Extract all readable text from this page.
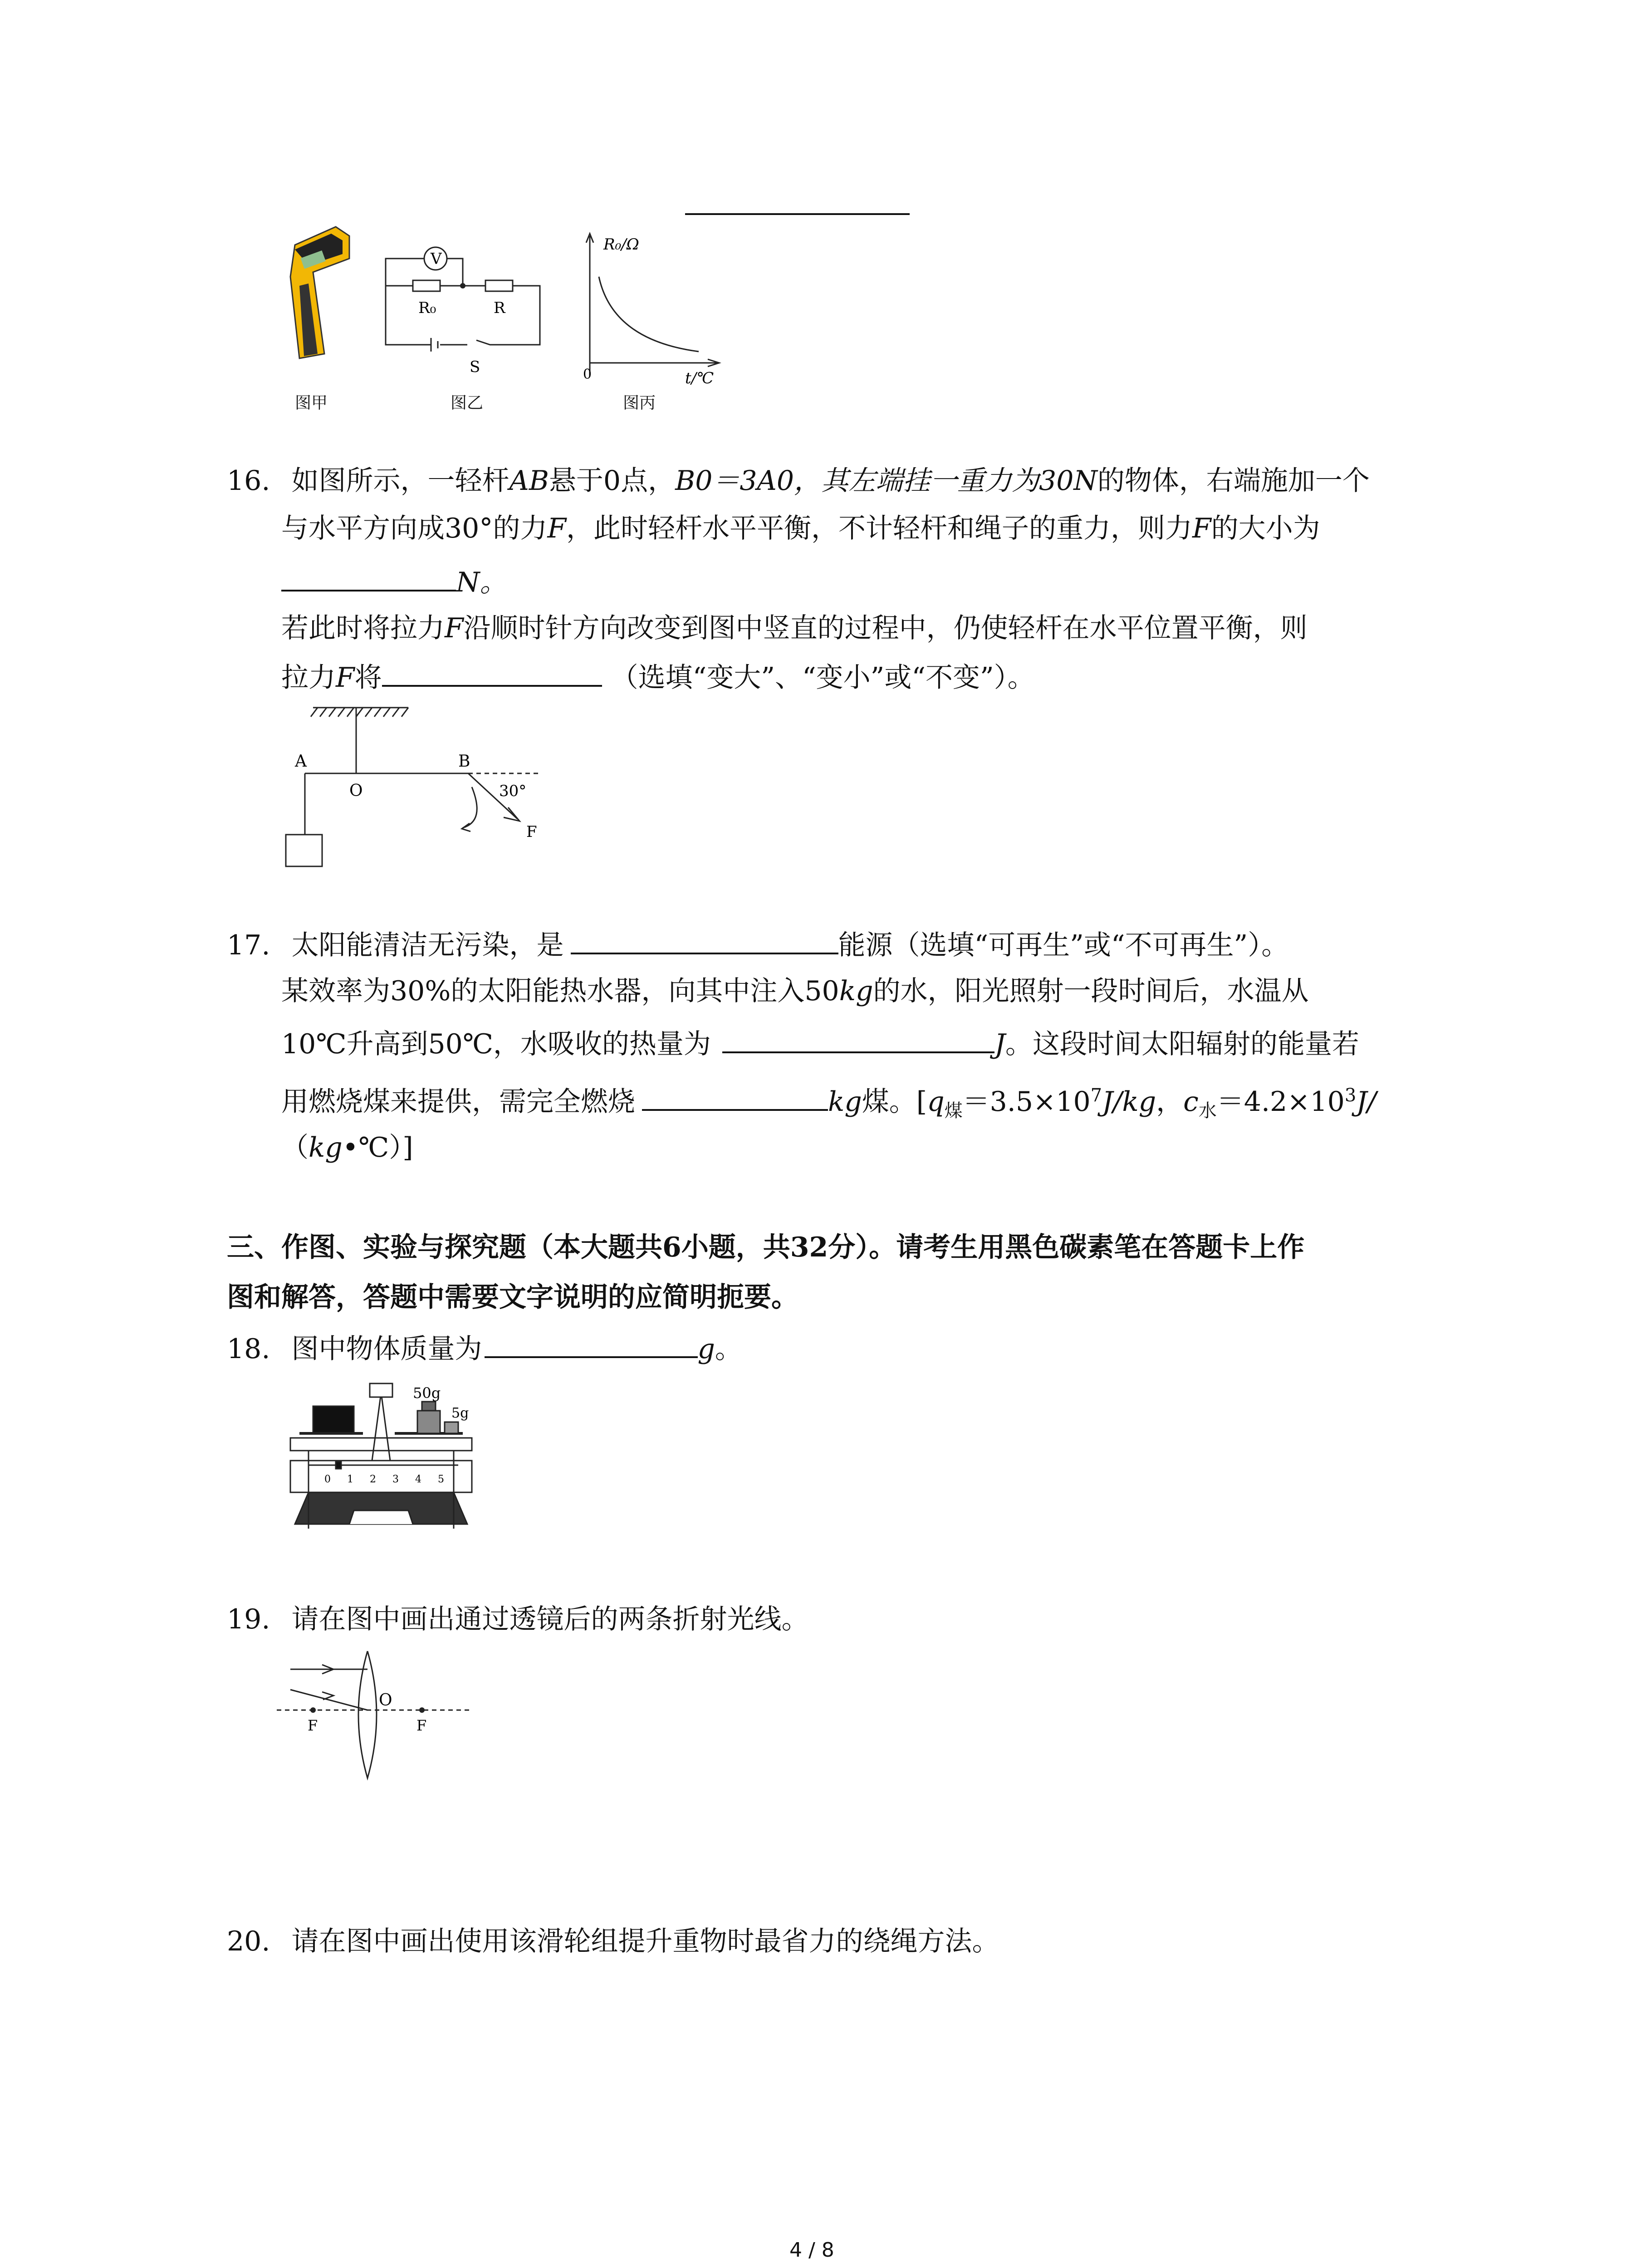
图甲
V
R₀	R
S
图乙
R₀/Ω
0	t/℃
图丙
16. 如图所示，一轻杆AB悬于0点，B0＝3A0，其左端挂一重力为30N的物体，右端施加一个
与水平方向成30°的力F，此时轻杆水平平衡，不计轻杆和绳子的重力，则力F的大小为
N。
若此时将拉力F沿顺时针方向改变到图中竖直的过程中，仍使轻杆在水平位置平衡，则
拉力F将	（选填“变大”、“变小”或“不变”）。
A
O
B
30°
F
17. 太阳能清洁无污染，是	能源（选填“可再生”或“不可再生”）。
某效率为30%的太阳能热水器，向其中注入50kg的水，阳光照射一段时间后，水温从
10℃升高到50℃，水吸收的热量为	J。这段时间太阳辐射的能量若
用燃烧煤来提供，需完全燃烧	kg煤。[$q_煤=3.5\times 10^7J/kg$，$c_水=4.2\times 10^3J/$
（kg•℃）]
三、作图、实验与探究题（本大题共6小题，共32分）。请考生用黑色碳素笔在答题卡上作
图和解答，答题中需要文字说明的应简明扼要。
18. 图中物体质量为	g。
50g
5g
0 1 2 3 4 5
19. 请在图中画出通过透镜后的两条折射光线。
O
F	F
20. 请在图中画出使用该滑轮组提升重物时最省力的绕绳方法。
4 / 8
